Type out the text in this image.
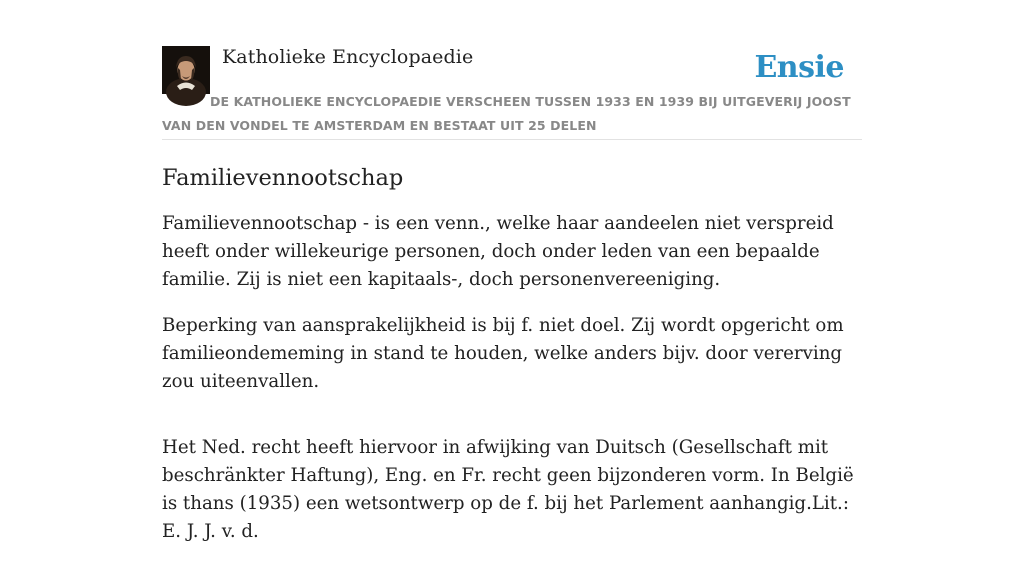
Katholieke Encyclopaedie	Ensie
DE KATHOLIEKE ENCYCLOPAEDIE VERSCHEEN TUSSEN 1933 EN 1939 BIJ UITGEVERIJ JOOST VAN DEN VONDEL TE AMSTERDAM EN BESTAAT UIT 25 DELEN
Familievennootschap

Familievennootschap - is een venn., welke haar aandeelen niet verspreid heeft onder willekeurige personen, doch onder leden van een bepaalde familie. Zij is niet een kapitaals-, doch personenvereeniging.

Beperking van aansprakelijkheid is bij f. niet doel. Zij wordt opgericht om familieondememing in stand te houden, welke anders bijv. door vererving zou uiteenvallen.

Het Ned. recht heeft hiervoor in afwijking van Duitsch (Gesellschaft mit beschränkter Haftung), Eng. en Fr. recht geen bijzonderen vorm. In België is thans (1935) een wetsontwerp op de f. bij het Parlement aanhangig.Lit.: E. J. J. v. d.
